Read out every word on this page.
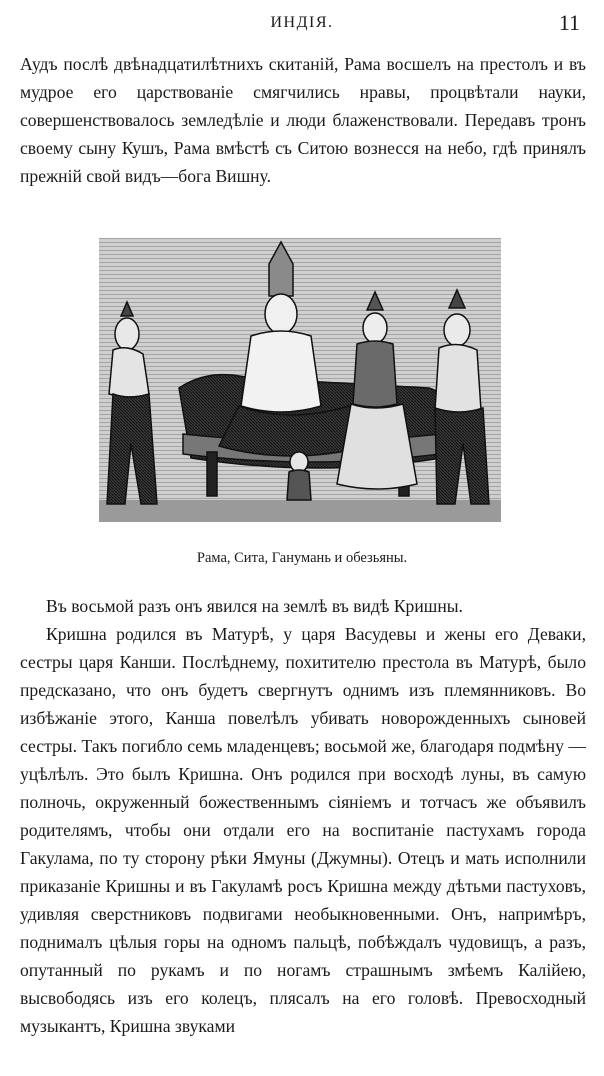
ИНДІЯ.	11

Аудъ послѣ двѣнадцатилѣтнихъ скитаній, Рама восшелъ на престолъ и въ мудрое его царствованіе смягчились нравы, процвѣтали науки, совершенствовалось земледѣліе и люди блаженствовали. Передавъ тронъ своему сыну Кушъ, Рама вмѣстѣ съ Ситою вознесся на небо, гдѣ принялъ прежній свой видъ—бога Вишну.

Рама, Сита, Ганумань и обезьяны.

Въ восьмой разъ онъ явился на землѣ въ видѣ Кришны.

Кришна родился въ Матурѣ, у царя Васудевы и жены его Деваки, сестры царя Канши. Послѣднему, похитителю престола въ Матурѣ, было предсказано, что онъ будетъ свергнутъ однимъ изъ племянниковъ. Во избѣжаніе этого, Канша повелѣлъ убивать новорожденныхъ сыновей сестры. Такъ погибло семь младенцевъ; восьмой же, благодаря подмѣну — уцѣлѣлъ. Это былъ Кришна. Онъ родился при восходѣ луны, въ самую полночь, окруженный божественнымъ сіяніемъ и тотчасъ же объявилъ родителямъ, чтобы они отдали его на воспитаніе пастухамъ города Гакулама, по ту сторону рѣки Ямуны (Джумны). Отецъ и мать исполнили приказаніе Кришны и въ Гакуламѣ росъ Кришна между дѣтьми пастуховъ, удивляя сверстниковъ подвигами необыкновенными. Онъ, напримѣръ, поднималъ цѣлыя горы на одномъ пальцѣ, побѣждалъ чудовищъ, а разъ, опутанный по рукамъ и по ногамъ страшнымъ змѣемъ Калійею, высвободясь изъ его колецъ, плясалъ на его головѣ. Превосходный музыкантъ, Кришна звуками
